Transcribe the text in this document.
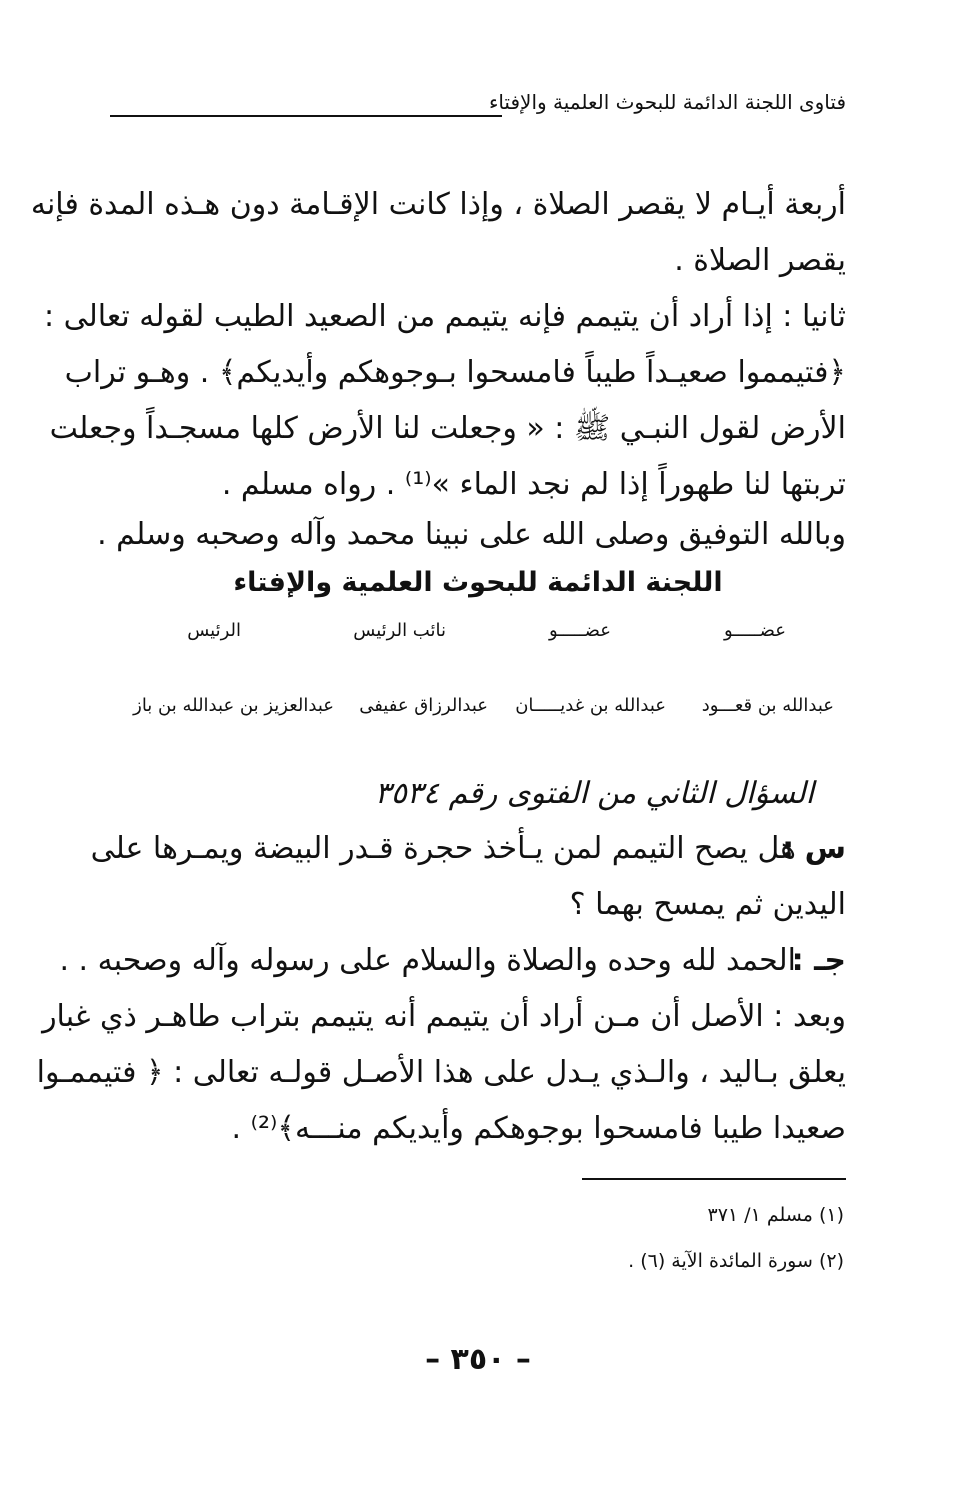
فتاوى اللجنة الدائمة للبحوث العلمية والإفتاء
أربعة أيـام لا يقصر الصلاة ، وإذا كانت الإقـامة دون هـذه المدة فإنه
يقصر الصلاة .
ثانيا : إذا أراد أن يتيمم فإنه يتيمم من الصعيد الطيب لقوله تعالى :
﴿فتيمموا صعيـداً طيباً فامسحوا بـوجوهكم وأيديكم﴾ . وهـو تراب
الأرض لقول النبـي ﷺ : « وجعلت لنا الأرض كلها مسجـداً وجعلت
تربتها لنا طهوراً إذا لم نجد الماء »⁽¹⁾ . رواه مسلم .
وبالله التوفيق وصلى الله على نبينا محمد وآله وصحبه وسلم .
اللجنة الدائمة للبحوث العلمية والإفتاء
عضـــــو
عضـــــو
نائب الرئيس
الرئيس
عبدالله بن قعـــود
عبدالله بن غديـــــان
عبدالرزاق عفيفى
عبدالعزيز بن عبدالله بن باز
السؤال الثاني من الفتوى رقم ٣٥٣٤
س :
هل يصح التيمم لمن يـأخذ حجرة قـدر البيضة ويمـرها على
اليدين ثم يمسح بهما ؟
جـ :
الحمد لله وحده والصلاة والسلام على رسوله وآله وصحبه . .
وبعد : الأصل أن مـن أراد أن يتيمم أنه يتيمم بتراب طاهـر ذي غبار
يعلق بـاليد ، والـذي يـدل على هذا الأصـل قولـه تعالى : ﴿ فتيممـوا
صعيدا طيبا فامسحوا بوجوهكم وأيديكم منـــه﴾⁽²⁾ .
(١) مسلم ١/ ٣٧١
(٢) سورة المائدة الآية (٦) .
– ٣٥٠ –
